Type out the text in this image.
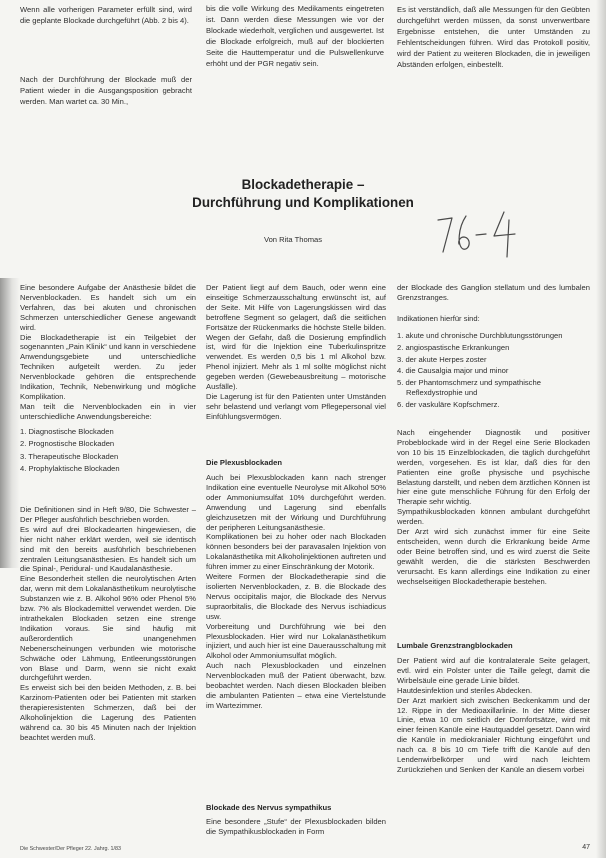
Wenn alle vorherigen Parameter erfüllt sind, wird die geplante Blockade durchgeführt (Abb. 2 bis 4).

Nach der Durchführung der Blockade muß der Patient wieder in die Ausgangsposition gebracht werden. Man wartet ca. 30 Min.,

bis die volle Wirkung des Medikaments eingetreten ist. Dann werden diese Messungen wie vor der Blockade wiederholt, verglichen und ausgewertet. Ist die Blockade erfolgreich, muß auf der blockierten Seite die Hauttemperatur und die Pulswellenkurve erhöht und der PGR negativ sein.

Es ist verständlich, daß alle Messungen für den Geübten durchgeführt werden müssen, da sonst unverwertbare Ergebnisse entstehen, die unter Umständen zu Fehlentscheidungen führen. Wird das Protokoll positiv, wird der Patient zu weiteren Blockaden, die in jeweiligen Abständen erfolgen, einbestellt.

Blockadetherapie –
Durchführung und Komplikationen
Von Rita Thomas

Eine besondere Aufgabe der Anästhesie bildet die Nervenblockaden. Es handelt sich um ein Verfahren, das bei akuten und chronischen Schmerzen unterschiedlicher Genese angewandt wird.

Die Blockadetherapie ist ein Teilgebiet der sogenannten „Pain Klinik“ und kann in verschiedene Anwendungsgebiete und unterschiedliche Techniken aufgeteilt werden. Zu jeder Nervenblockade gehören die entsprechende Indikation, Technik, Nebenwirkung und mögliche Komplikation.

Man teilt die Nervenblockaden ein in vier unterschiedliche Anwendungsbereiche:

1. Diagnostische Blockaden
2. Prognostische Blockaden
3. Therapeutische Blockaden
4. Prophylaktische Blockaden

Die Definitionen sind in Heft 9/80, Die Schwester – Der Pfleger ausführlich beschrieben worden.

Es wird auf drei Blockadearten hingewiesen, die hier nicht näher erklärt werden, weil sie identisch sind mit den bereits ausführlich beschriebenen zentralen Leitungsanästhesien. Es handelt sich um die Spinal-, Peridural- und Kaudalanästhesie.

Eine Besonderheit stellen die neurolytischen Arten dar, wenn mit dem Lokalanästhetikum neurolytische Substanzen wie z. B. Alkohol 96% oder Phenol 5% bzw. 7% als Blockademittel verwendet werden. Die intrathekalen Blockaden setzen eine strenge Indikation voraus. Sie sind häufig mit außerordentlich unangenehmen Nebenerscheinungen verbunden wie motorische Schwäche oder Lähmung, Entleerungsstörungen von Blase und Darm, wenn sie nicht exakt durchgeführt werden.

Es erweist sich bei den beiden Methoden, z. B. bei Karzinom-Patienten oder bei Patienten mit starken therapieresistenten Schmerzen, daß bei der Alkoholinjektion die Lagerung des Patienten während ca. 30 bis 45 Minuten nach der Injektion beachtet werden muß.

Der Patient liegt auf dem Bauch, oder wenn eine einseitige Schmerzausschaltung erwünscht ist, auf der Seite. Mit Hilfe von Lagerungskissen wird das betroffene Segment so gelagert, daß die seitlichen Fortsätze der Rückenmarks die höchste Stelle bilden. Wegen der Gefahr, daß die Dosierung empfindlich ist, wird für die Injektion eine Tuberkulinspritze verwendet. Es werden 0,5 bis 1 ml Alkohol bzw. Phenol injiziert. Mehr als 1 ml sollte möglichst nicht gegeben werden (Gewebeausbreitung – motorische Ausfälle).

Die Lagerung ist für den Patienten unter Umständen sehr belastend und verlangt vom Pflegepersonal viel Einfühlungsvermögen.

Die Plexusblockaden

Auch bei Plexusblockaden kann nach strenger Indikation eine eventuelle Neurolyse mit Alkohol 50% oder Ammoniumsulfat 10% durchgeführt werden. Anwendung und Lagerung sind ebenfalls gleichzusetzen mit der Wirkung und Durchführung der peripheren Leitungsanästhesie.

Komplikationen bei zu hoher oder nach Blockaden können besonders bei der paravasalen Injektion von Lokalanästhetika mit Alkoholinjektionen auftreten und führen immer zu einer Einschränkung der Motorik.

Weitere Formen der Blockadetherapie sind die isolierten Nervenblockaden, z. B. die Blockade des Nervus occipitalis major, die Blockade des Nervus supraorbitalis, die Blockade des Nervus ischiadicus usw.

Vorbereitung und Durchführung wie bei den Plexusblockaden. Hier wird nur Lokalanästhetikum injiziert, und auch hier ist eine Dauerausschaltung mit Alkohol oder Ammoniumsulfat möglich.

Auch nach Plexusblockaden und einzelnen Nervenblockaden muß der Patient überwacht, bzw. beobachtet werden. Nach diesen Blockaden bleiben die ambulanten Patienten – etwa eine Viertelstunde im Wartezimmer.

Blockade des Nervus sympathikus

Eine besondere „Stufe“ der Plexusblockaden bilden die Sympathikusblockaden in Form

der Blockade des Ganglion stellatum und des lumbalen Grenzstranges.

Indikationen hierfür sind:
1. akute und chronische Durchblutungsstörungen
2. angiospastische Erkrankungen
3. der akute Herpes zoster
4. die Causalgia major und minor
5. der Phantomschmerz und sympathische Reflexdystrophie und
6. der vaskuläre Kopfschmerz.

Nach eingehender Diagnostik und positiver Probeblockade wird in der Regel eine Serie Blockaden von 10 bis 15 Einzelblockaden, die täglich durchgeführt werden, vorgesehen. Es ist klar, daß dies für den Patienten eine große physische und psychische Belastung darstellt, und neben dem ärztlichen Können ist hier eine gute menschliche Führung für den Erfolg der Therapie sehr wichtig.

Sympathikusblockaden können ambulant durchgeführt werden.

Der Arzt wird sich zunächst immer für eine Seite entscheiden, wenn durch die Erkrankung beide Arme oder Beine betroffen sind, und es wird zuerst die Seite gewählt werden, die die stärksten Beschwerden verursacht. Es kann allerdings eine Indikation zu einer wechselseitigen Blockadetherapie bestehen.

Lumbale Grenzstrangblockaden

Der Patient wird auf die kontralaterale Seite gelagert, evtl. wird ein Polster unter die Taille gelegt, damit die Wirbelsäule eine gerade Linie bildet.

Hautdesinfektion und steriles Abdecken.

Der Arzt markiert sich zwischen Beckenkamm und der 12. Rippe in der Medioaxillarlinie. In der Mitte dieser Linie, etwa 10 cm seitlich der Dornfortsätze, wird mit einer feinen Kanüle eine Hautquaddel gesetzt. Dann wird die Kanüle in mediokranialer Richtung eingeführt und nach ca. 8 bis 10 cm Tiefe trifft die Kanüle auf den Lendenwirbelkörper und wird nach leichtem Zurückziehen und Senken der Kanüle an diesem vorbei

Die Schwester/Der Pfleger 22. Jahrg. 1/83	47
